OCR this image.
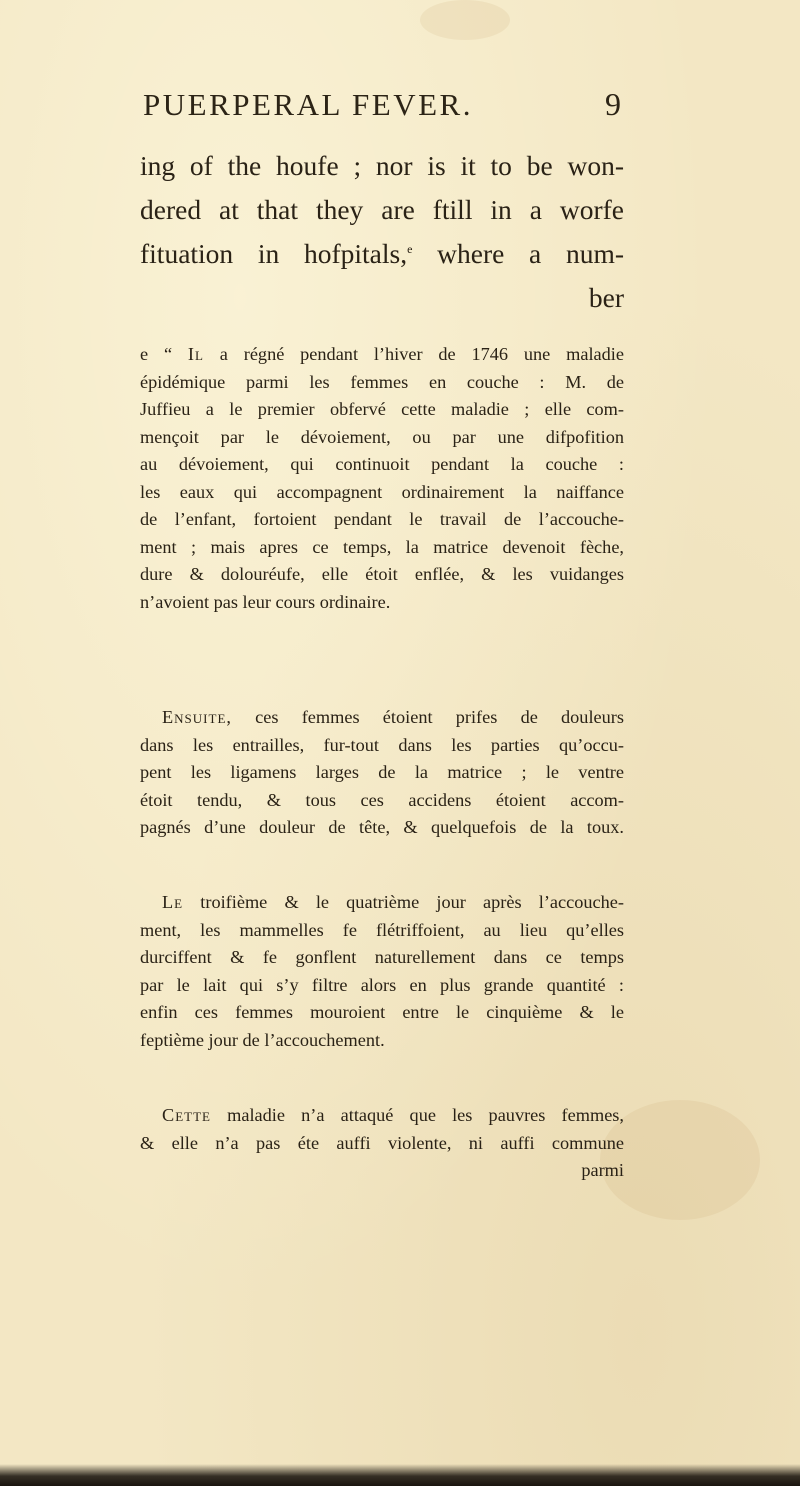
PUERPERAL FEVER.	9
ing of the houfe ; nor is it to be won-
dered at that they are ftill in a worfe
fituation in hofpitals,$^e$ where a num-
ber
e “ Il a régné pendant l’hiver de 1746 une maladie
épidémique parmi les femmes en couche : M. de
Juffieu a le premier obfervé cette maladie ; elle com-
mençoit par le dévoiement, ou par une difpofition
au dévoiement, qui continuoit pendant la couche :
les eaux qui accompagnent ordinairement la naiffance
de l’enfant, fortoient pendant le travail de l’accouche-
ment ; mais apres ce temps, la matrice devenoit fèche,
dure & dolouréufe, elle étoit enflée, & les vuidanges
n’avoient pas leur cours ordinaire.
Ensuite, ces femmes étoient prifes de douleurs
dans les entrailles, fur-tout dans les parties qu’occu-
pent les ligamens larges de la matrice ; le ventre
étoit tendu, & tous ces accidens étoient accom-
pagnés d’une douleur de tête, & quelquefois de la toux.
Le troifième & le quatrième jour après l’accouche-
ment, les mammelles fe flétriffoient, au lieu qu’elles
durciffent & fe gonflent naturellement dans ce temps
par le lait qui s’y filtre alors en plus grande quantité :
enfin ces femmes mouroient entre le cinquième & le
feptième jour de l’accouchement.
Cette maladie n’a attaqué que les pauvres femmes,
& elle n’a pas éte auffi violente, ni auffi commune
parmi
